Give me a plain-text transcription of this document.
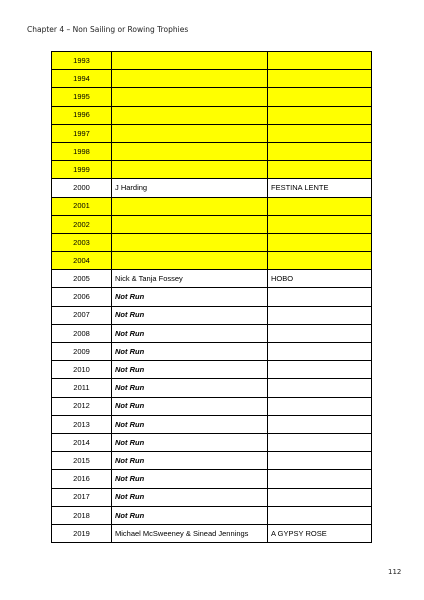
Chapter 4 – Non Sailing or Rowing Trophies
1993		
1994		
1995		
1996		
1997		
1998		
1999		
2000	J Harding	FESTINA LENTE
2001		
2002		
2003		
2004		
2005	Nick & Tanja Fossey	HOBO
2006	Not Run	
2007	Not Run	
2008	Not Run	
2009	Not Run	
2010	Not Run	
2011	Not Run	
2012	Not Run	
2013	Not Run	
2014	Not Run	
2015	Not Run	
2016	Not Run	
2017	Not Run	
2018	Not Run	
2019	Michael McSweeney & Sinead Jennings	A GYPSY ROSE
112
